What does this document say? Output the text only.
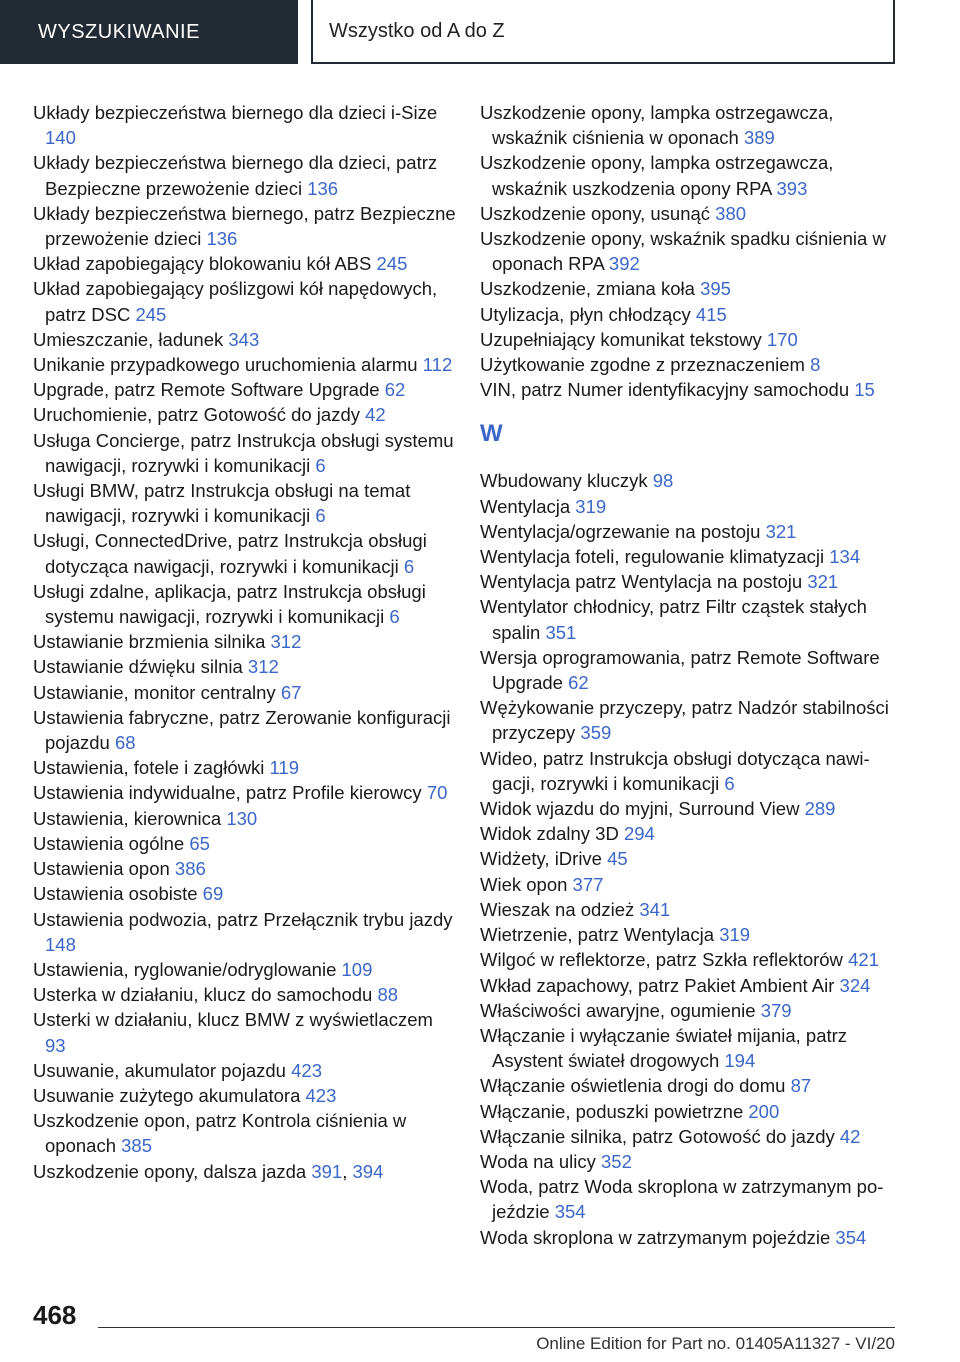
WYSZUKIWANIE	Wszystko od A do Z

Układy bezpieczeństwa biernego dla dzieci i-Size 140

Układy bezpieczeństwa biernego dla dzieci, patrz Bezpieczne przewożenie dzieci 136

Układy bezpieczeństwa biernego, patrz Bezpieczne przewożenie dzieci 136

Układ zapobiegający blokowaniu kół ABS 245

Układ zapobiegający poślizgowi kół napędowych, patrz DSC 245

Umieszczanie, ładunek 343

Unikanie przypadkowego uruchomienia alarmu 112

Upgrade, patrz Remote Software Upgrade 62

Uruchomienie, patrz Gotowość do jazdy 42

Usługa Concierge, patrz Instrukcja obsługi systemu nawigacji, rozrywki i komunikacji 6

Usługi BMW, patrz Instrukcja obsługi na temat nawigacji, rozrywki i komunikacji 6

Usługi, ConnectedDrive, patrz Instrukcja obsługi dotycząca nawigacji, rozrywki i komunikacji 6

Usługi zdalne, aplikacja, patrz Instrukcja obsługi systemu nawigacji, rozrywki i komunikacji 6

Ustawianie brzmienia silnika 312

Ustawianie dźwięku silnia 312

Ustawianie, monitor centralny 67

Ustawienia fabryczne, patrz Zerowanie konfiguracji pojazdu 68

Ustawienia, fotele i zagłówki 119

Ustawienia indywidualne, patrz Profile kierowcy 70

Ustawienia, kierownica 130

Ustawienia ogólne 65

Ustawienia opon 386

Ustawienia osobiste 69

Ustawienia podwozia, patrz Przełącznik trybu jazdy 148

Ustawienia, ryglowanie/odryglowanie 109

Usterka w działaniu, klucz do samochodu 88

Usterki w działaniu, klucz BMW z wyświetlaczem 93

Usuwanie, akumulator pojazdu 423

Usuwanie zużytego akumulatora 423

Uszkodzenie opon, patrz Kontrola ciśnienia w oponach 385

Uszkodzenie opony, dalsza jazda 391, 394

Uszkodzenie opony, lampka ostrzegawcza, wskaźnik ciśnienia w oponach 389

Uszkodzenie opony, lampka ostrzegawcza, wskaźnik uszkodzenia opony RPA 393

Uszkodzenie opony, usunąć 380

Uszkodzenie opony, wskaźnik spadku ciśnienia w oponach RPA 392

Uszkodzenie, zmiana koła 395

Utylizacja, płyn chłodzący 415

Uzupełniający komunikat tekstowy 170

Użytkowanie zgodne z przeznaczeniem 8

VIN, patrz Numer identyfikacyjny samochodu 15

W

Wbudowany kluczyk 98

Wentylacja 319

Wentylacja/ogrzewanie na postoju 321

Wentylacja foteli, regulowanie klimatyzacji 134

Wentylacja patrz Wentylacja na postoju 321

Wentylator chłodnicy, patrz Filtr cząstek stałych spalin 351

Wersja oprogramowania, patrz Remote Software Upgrade 62

Wężykowanie przyczepy, patrz Nadzór stabilności przyczepy 359

Wideo, patrz Instrukcja obsługi dotycząca nawigacji, rozrywki i komunikacji 6

Widok wjazdu do myjni, Surround View 289

Widok zdalny 3D 294

Widżety, iDrive 45

Wiek opon 377

Wieszak na odzież 341

Wietrzenie, patrz Wentylacja 319

Wilgoć w reflektorze, patrz Szkła reflektorów 421

Wkład zapachowy, patrz Pakiet Ambient Air 324

Właściwości awaryjne, ogumienie 379

Włączanie i wyłączanie świateł mijania, patrz Asystent świateł drogowych 194

Włączanie oświetlenia drogi do domu 87

Włączanie, poduszki powietrzne 200

Włączanie silnika, patrz Gotowość do jazdy 42

Woda na ulicy 352

Woda, patrz Woda skroplona w zatrzymanym pojeździe 354

Woda skroplona w zatrzymanym pojeździe 354

468
Online Edition for Part no. 01405A11327 - VI/20
